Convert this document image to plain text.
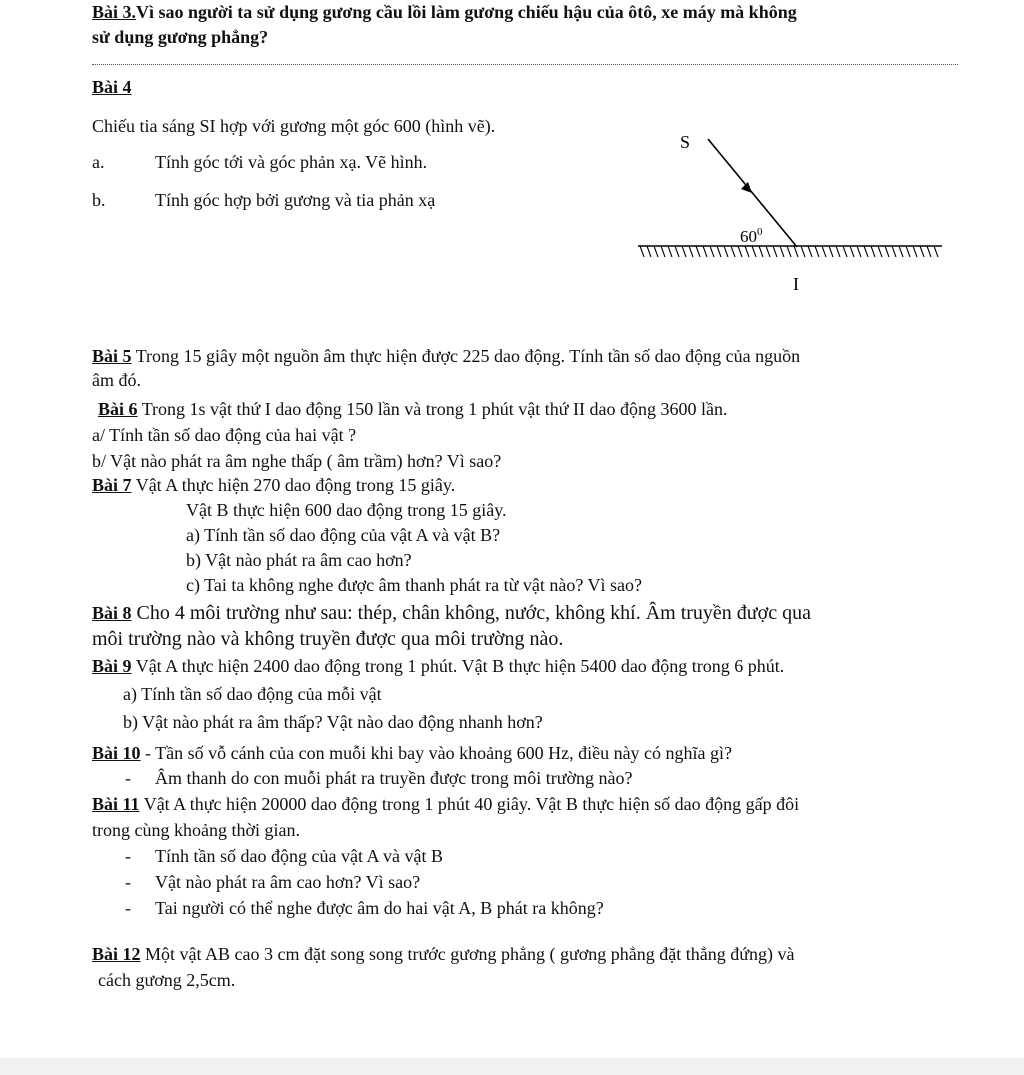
Bài 3.Vì sao người ta sử dụng gương cầu lồi làm gương chiếu hậu của ôtô, xe máy mà không
sử dụng gương phẳng?
Bài 4
Chiếu tia sáng SI hợp với gương một góc 600 (hình vẽ).
a.	Tính góc tới và góc phản xạ. Vẽ hình.
b.	Tính góc hợp bởi gương và tia phản xạ
S
$60^0$
I
Bài 5 Trong 15 giây một nguồn âm thực hiện được 225 dao động. Tính tần số dao động của nguồn
âm đó.
Bài 6 Trong 1s vật thứ I dao động 150 lần và trong 1 phút vật thứ II dao động 3600 lần.
a/ Tính tần số dao động của hai vật ?
b/ Vật nào phát ra âm nghe thấp ( âm trầm) hơn? Vì sao?
Bài 7 Vật A thực hiện 270 dao động trong 15 giây.
Vật B thực hiện 600 dao động trong 15 giây.
a) Tính tần số dao động của vật A và vật B?
b) Vật nào phát ra âm cao hơn?
c) Tai ta không nghe được âm thanh phát ra từ vật nào? Vì sao?
Bài 8 Cho 4 môi trường như sau: thép, chân không, nước, không khí. Âm truyền được qua
môi trường nào và không truyền được qua môi trường nào.
Bài 9 Vật A thực hiện 2400 dao động trong 1 phút. Vật B thực hiện 5400 dao động trong 6 phút.
a) Tính tần số dao động của mỗi vật
b) Vật nào phát ra âm thấp? Vật nào dao động nhanh hơn?
Bài 10 - Tần số vỗ cánh của con muỗi khi bay vào khoảng 600 Hz, điều này có nghĩa gì?
- Âm thanh do con muỗi phát ra truyền được trong môi trường nào?
Bài 11 Vật A thực hiện 20000 dao động trong 1 phút 40 giây. Vật B thực hiện số dao động gấp đôi
trong cùng khoảng thời gian.
- Tính tần số dao động của vật A và vật B
- Vật nào phát ra âm cao hơn? Vì sao?
- Tai người có thể nghe được âm do hai vật A, B phát ra không?
Bài 12 Một vật AB cao 3 cm đặt song song trước gương phẳng ( gương phẳng đặt thẳng đứng) và
cách gương 2,5cm.
